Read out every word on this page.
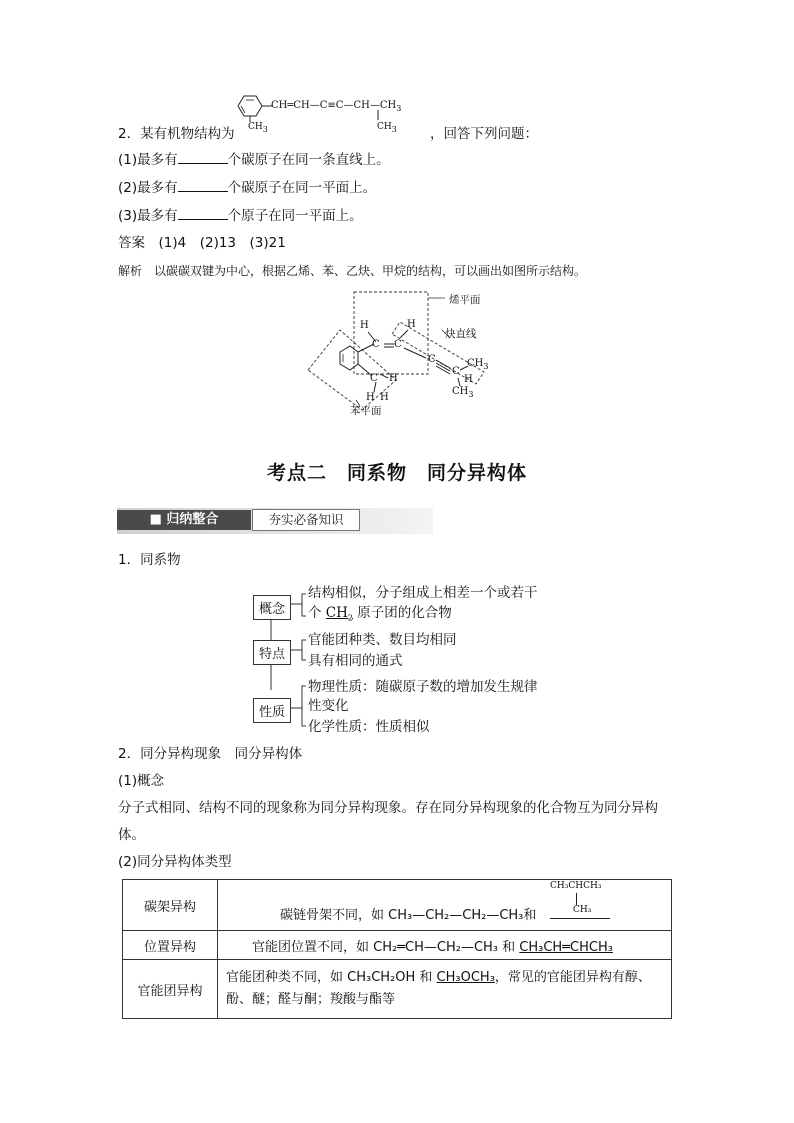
$CH═CH—C\equiv C—CH—CH_3$
$CH_3$	$CH_3$
2．某有机物结构为	，回答下列问题：
(1)最多有	个碳原子在同一条直线上。
(2)最多有	个碳原子在同一平面上。
(3)最多有	个原子在同一平面上。
答案　(1)4　(2)13　(3)21
解析　 以碳碳双键为中心，根据乙烯、苯、乙炔、甲烷的结构，可以画出如图所示结构。
烯平面
炔直线
苯平面
H	H
C C
C
C
$CH_3$
H
$CH_3$
C H
H H
考点二　同系物　同分异构体
■ 归纳整合	夯实必备知识
1．同系物
概念
特点
性质
结构相似，分子组成上相差一个或若干
个 $CH_2$ 原子团的化合物
官能团种类、数目均相同
具有相同的通式
物理性质：随碳原子数的增加发生规律
性变化
化学性质：性质相似
2．同分异构现象　同分异构体
(1)概念
分子式相同、结构不同的现象称为同分异构现象。存在同分异构现象的化合物互为同分异构
体。
(2)同分异构体类型
碳架异构	碳链骨架不同，如 CH₃—CH₂—CH₂—CH₃和
CH₃CHCH₃
CH₃

位置异构	官能团位置不同，如 CH₂═CH—CH₂—CH₃ 和 CH₃CH═CHCH₃
官能团异构	官能团种类不同，如 CH₃CH₂OH 和 CH₃OCH₃，常见的官能团异构有醇、
酚、醚；醛与酮；羧酸与酯等
